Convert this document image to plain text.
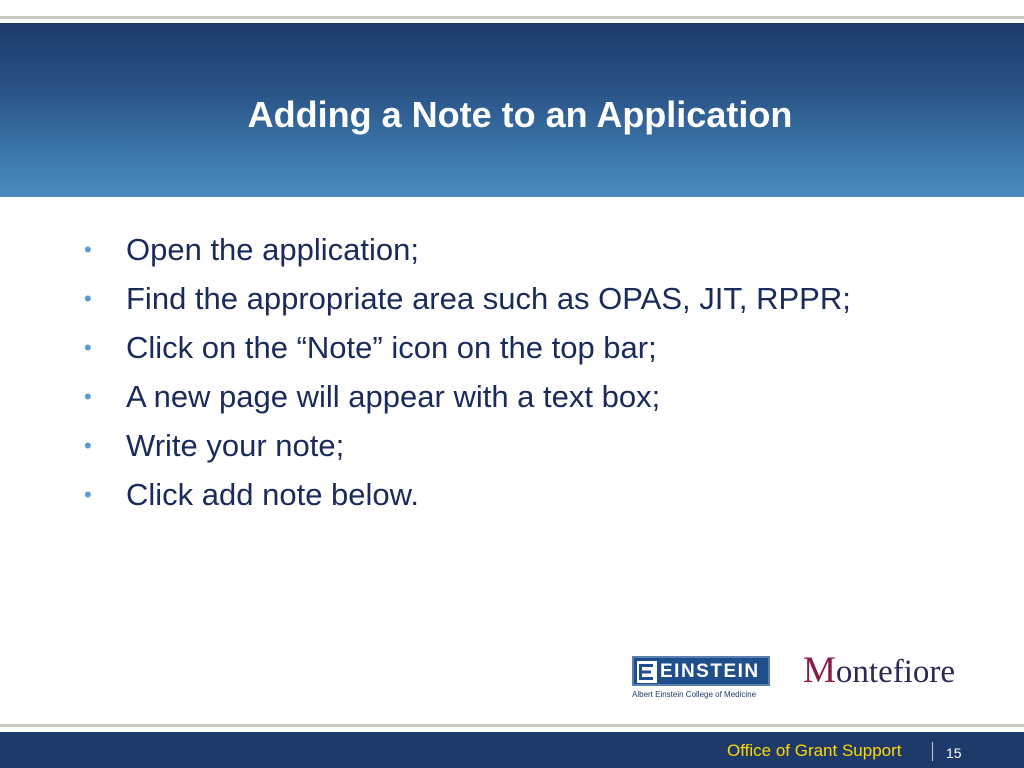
Adding a Note to an Application
•	Open the application;
•	Find the appropriate area such as OPAS, JIT, RPPR;
•	Click on the “Note” icon on the top bar;
•	A new page will appear with a text box;
•	Write your note;
•	Click add note below.
EINSTEIN
Albert Einstein College of Medicine
Montefiore
Office of Grant Support	15
